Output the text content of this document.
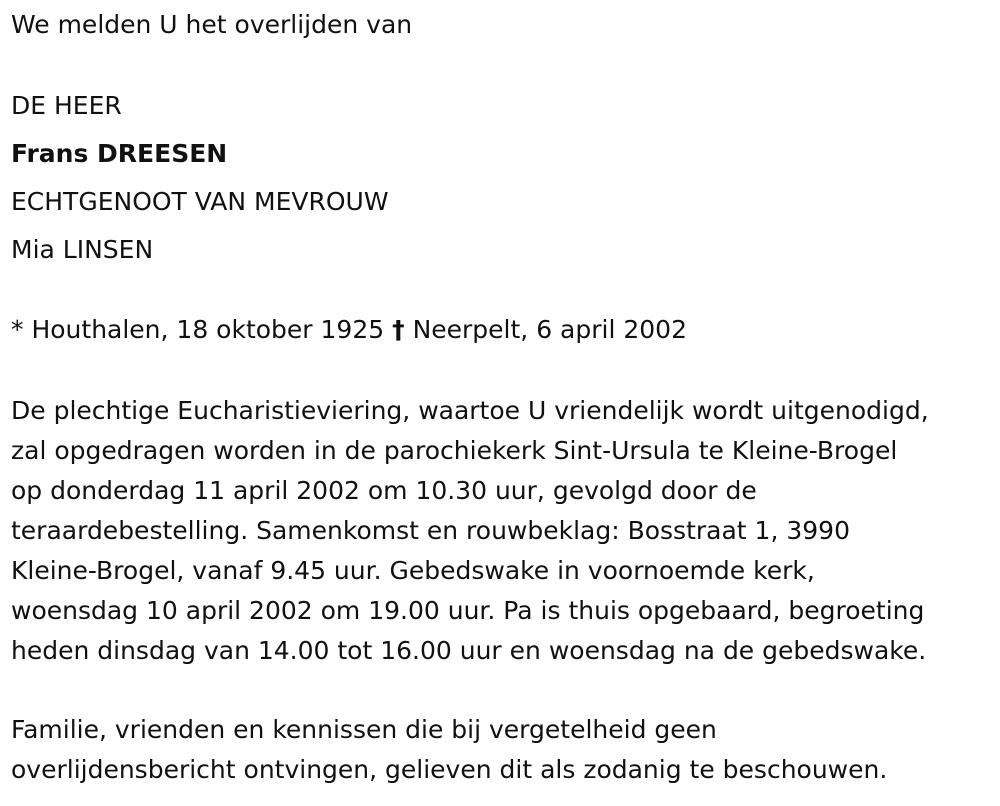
We melden U het overlijden van
DE HEER
Frans DREESEN
ECHTGENOOT VAN MEVROUW
Mia LINSEN
* Houthalen, 18 oktober 1925 † Neerpelt, 6 april 2002
De plechtige Eucharistieviering, waartoe U vriendelijk wordt uitgenodigd,
zal opgedragen worden in de parochiekerk Sint-Ursula te Kleine-Brogel
op donderdag 11 april 2002 om 10.30 uur, gevolgd door de
teraardebestelling. Samenkomst en rouwbeklag: Bosstraat 1, 3990
Kleine-Brogel, vanaf 9.45 uur. Gebedswake in voornoemde kerk,
woensdag 10 april 2002 om 19.00 uur. Pa is thuis opgebaard, begroeting
heden dinsdag van 14.00 tot 16.00 uur en woensdag na de gebedswake.
Familie, vrienden en kennissen die bij vergetelheid geen
overlijdensbericht ontvingen, gelieven dit als zodanig te beschouwen.
